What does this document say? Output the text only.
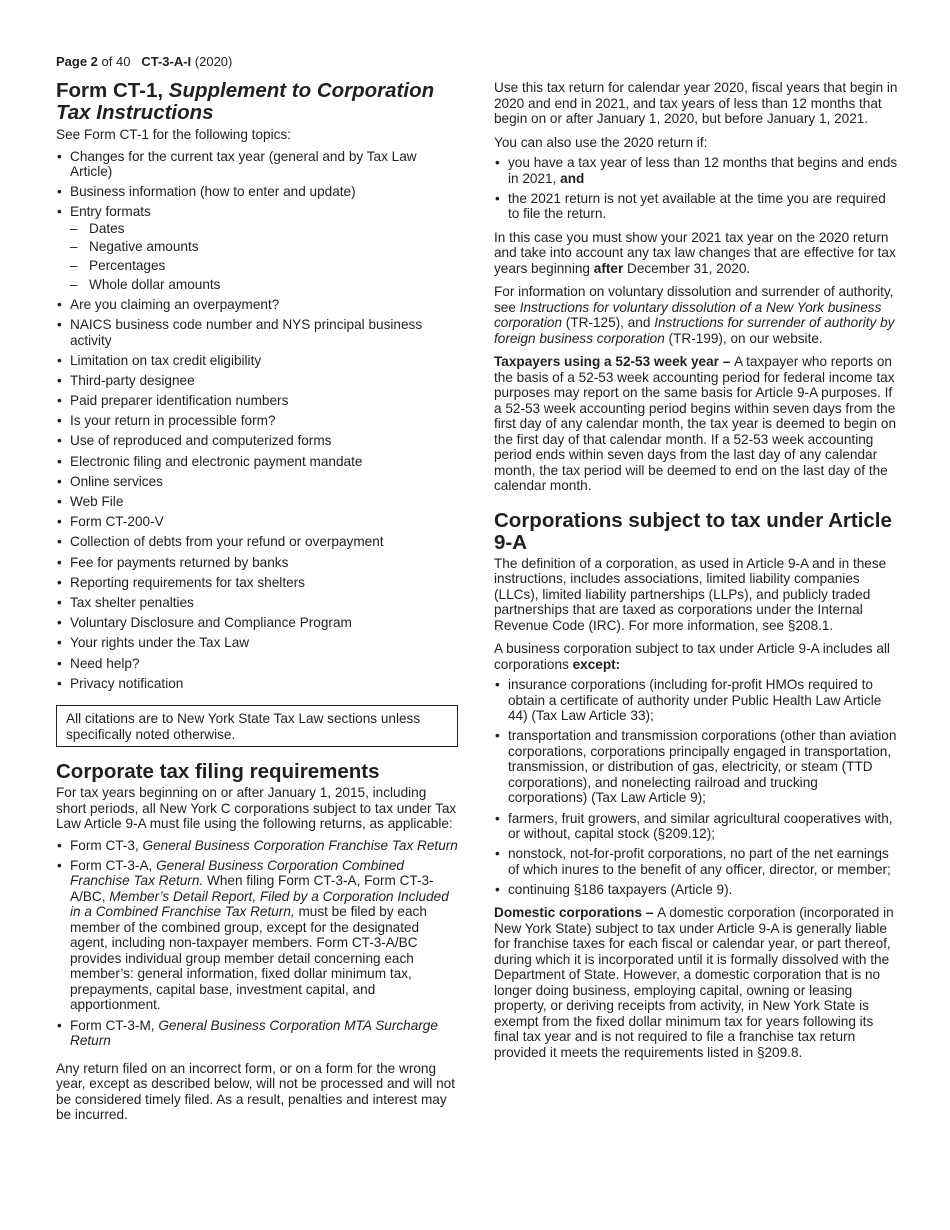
Page 2 of 40 CT-3-A-I (2020)
Form CT-1, Supplement to Corporation Tax Instructions

See Form CT-1 for the following topics:

• Changes for the current tax year (general and by Tax Law Article)
• Business information (how to enter and update)
• Entry formats
– Dates
– Negative amounts
– Percentages
– Whole dollar amounts
• Are you claiming an overpayment?
• NAICS business code number and NYS principal business activity
• Limitation on tax credit eligibility
• Third-party designee
• Paid preparer identification numbers
• Is your return in processible form?
• Use of reproduced and computerized forms
• Electronic filing and electronic payment mandate
• Online services
• Web File
• Form CT-200-V
• Collection of debts from your refund or overpayment
• Fee for payments returned by banks
• Reporting requirements for tax shelters
• Tax shelter penalties
• Voluntary Disclosure and Compliance Program
• Your rights under the Tax Law
• Need help?
• Privacy notification
All citations are to New York State Tax Law sections unless specifically noted otherwise.
Corporate tax filing requirements

For tax years beginning on or after January 1, 2015, including short periods, all New York C corporations subject to tax under Tax Law Article 9-A must file using the following returns, as applicable:

• Form CT-3, General Business Corporation Franchise Tax Return
• Form CT-3-A, General Business Corporation Combined Franchise Tax Return. When filing Form CT-3-A, Form CT-3-A/BC, Member’s Detail Report, Filed by a Corporation Included in a Combined Franchise Tax Return, must be filed by each member of the combined group, except for the designated agent, including non-taxpayer members. Form CT-3-A/BC provides individual group member detail concerning each member’s: general information, fixed dollar minimum tax, prepayments, capital base, investment capital, and apportionment.
• Form CT-3-M, General Business Corporation MTA Surcharge Return

Any return filed on an incorrect form, or on a form for the wrong year, except as described below, will not be processed and will not be considered timely filed. As a result, penalties and interest may be incurred.

Use this tax return for calendar year 2020, fiscal years that begin in 2020 and end in 2021, and tax years of less than 12 months that begin on or after January 1, 2020, but before January 1, 2021.

You can also use the 2020 return if:

• you have a tax year of less than 12 months that begins and ends in 2021, and
• the 2021 return is not yet available at the time you are required to file the return.

In this case you must show your 2021 tax year on the 2020 return and take into account any tax law changes that are effective for tax years beginning after December 31, 2020.

For information on voluntary dissolution and surrender of authority, see Instructions for voluntary dissolution of a New York business corporation (TR-125), and Instructions for surrender of authority by foreign business corporation (TR-199), on our website.

Taxpayers using a 52-53 week year – A taxpayer who reports on the basis of a 52-53 week accounting period for federal income tax purposes may report on the same basis for Article 9-A purposes. If a 52-53 week accounting period begins within seven days from the first day of any calendar month, the tax year is deemed to begin on the first day of that calendar month. If a 52-53 week accounting period ends within seven days from the last day of any calendar month, the tax period will be deemed to end on the last day of the calendar month.

Corporations subject to tax under Article 9-A

The definition of a corporation, as used in Article 9-A and in these instructions, includes associations, limited liability companies (LLCs), limited liability partnerships (LLPs), and publicly traded partnerships that are taxed as corporations under the Internal Revenue Code (IRC). For more information, see §208.1.

A business corporation subject to tax under Article 9-A includes all corporations except:

• insurance corporations (including for-profit HMOs required to obtain a certificate of authority under Public Health Law Article 44) (Tax Law Article 33);
• transportation and transmission corporations (other than aviation corporations, corporations principally engaged in transportation, transmission, or distribution of gas, electricity, or steam (TTD corporations), and nonelecting railroad and trucking corporations) (Tax Law Article 9);
• farmers, fruit growers, and similar agricultural cooperatives with, or without, capital stock (§209.12);
• nonstock, not-for-profit corporations, no part of the net earnings of which inures to the benefit of any officer, director, or member;
• continuing §186 taxpayers (Article 9).

Domestic corporations – A domestic corporation (incorporated in New York State) subject to tax under Article 9-A is generally liable for franchise taxes for each fiscal or calendar year, or part thereof, during which it is incorporated until it is formally dissolved with the Department of State. However, a domestic corporation that is no longer doing business, employing capital, owning or leasing property, or deriving receipts from activity, in New York State is exempt from the fixed dollar minimum tax for years following its final tax year and is not required to file a franchise tax return provided it meets the requirements listed in §209.8.
